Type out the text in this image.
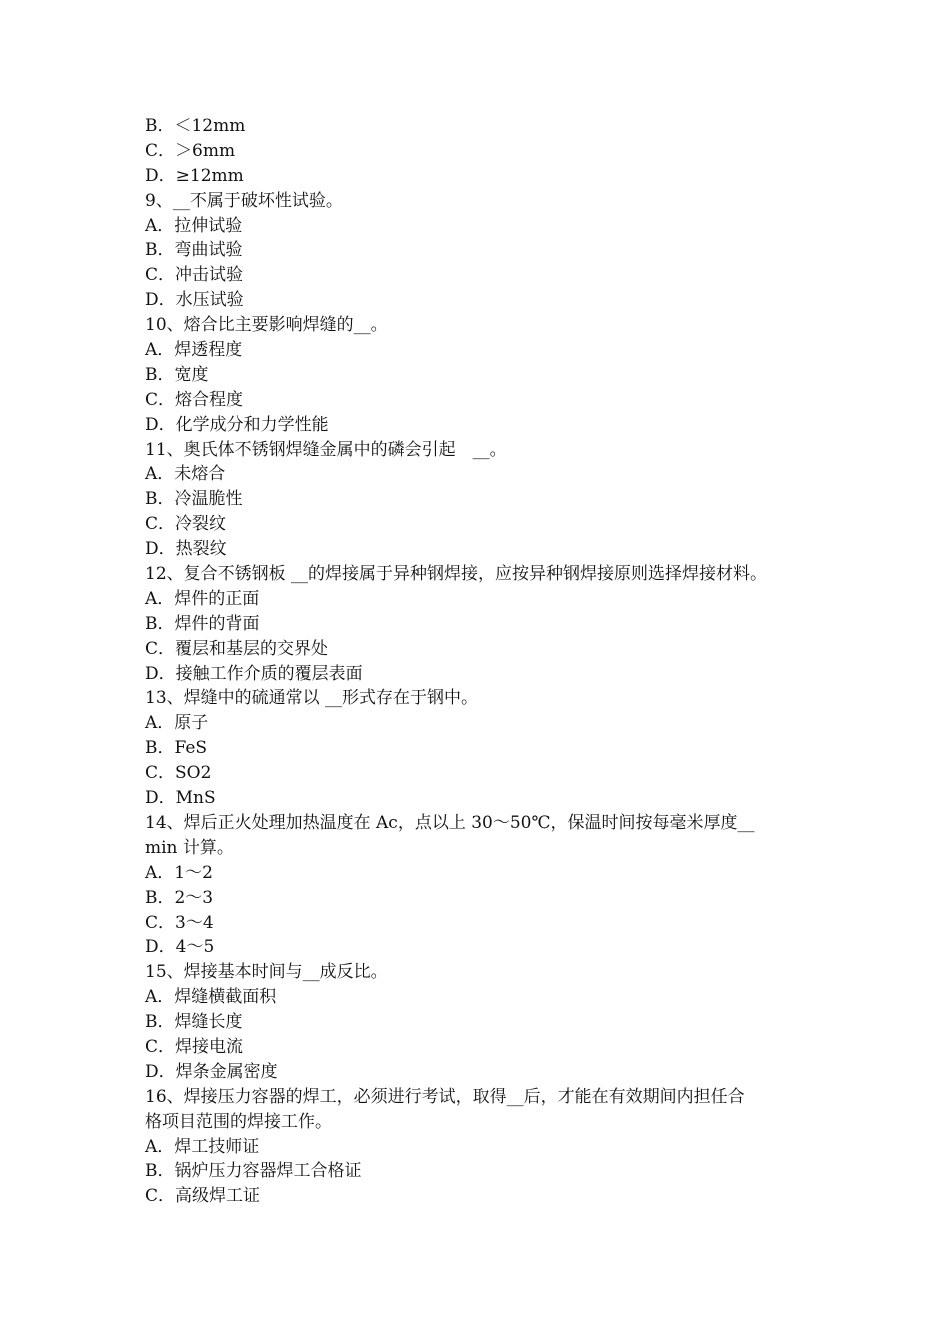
B．＜12mm
C．＞6mm
D．≥12mm
9、__不属于破坏性试验。
A．拉伸试验
B．弯曲试验
C．冲击试验
D．水压试验
10、熔合比主要影响焊缝的__。
A．焊透程度
B．宽度
C．熔合程度
D．化学成分和力学性能
11、奥氏体不锈钢焊缝金属中的磷会引起　__。
A．未熔合
B．冷温脆性
C．冷裂纹
D．热裂纹
12、复合不锈钢板 __的焊接属于异种钢焊接，应按异种钢焊接原则选择焊接材料。
A．焊件的正面
B．焊件的背面
C．覆层和基层的交界处
D．接触工作介质的覆层表面
13、焊缝中的硫通常以 __形式存在于钢中。
A．原子
B．FeS
C．SO2
D．MnS
14、焊后正火处理加热温度在 Ac，点以上 30～50℃，保温时间按每毫米厚度__
min 计算。
A．1～2
B．2～3
C．3～4
D．4～5
15、焊接基本时间与__成反比。
A．焊缝横截面积
B．焊缝长度
C．焊接电流
D．焊条金属密度
16、焊接压力容器的焊工，必须进行考试，取得__后，才能在有效期间内担任合
格项目范围的焊接工作。
A．焊工技师证
B．锅炉压力容器焊工合格证
C．高级焊工证
